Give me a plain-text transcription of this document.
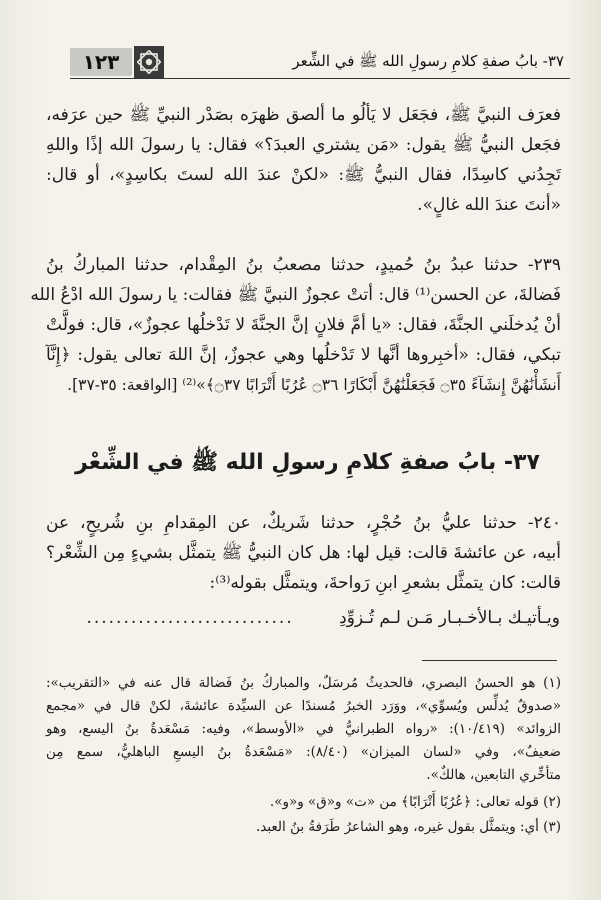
١٢٣	٣٧- بابُ صفةِ كلامِ رسولِ الله ﷺ في الشِّعر

فعرَف النبيَّ ﷺ، فجَعَل لا يَألُو ما ألصق ظهرَه بصَدْر النبيِّ ﷺ حين عرَفه،

فجَعل النبيُّ ﷺ يقول: «مَن يشتري العبدَ؟» فقال: يا رسولَ الله إذًا واللهِ

تَجِدُني كاسِدًا، فقال النبيُّ ﷺ: «لكنْ عندَ الله لستَ بكاسِدٍ»، أو قال:

«أنتَ عندَ الله غالٍ».

٢٣٩- حدثنا عبدُ بنُ حُميدٍ، حدثنا مصعبُ بنُ المِقْدام، حدثنا المباركُ بنُ

فَضالةَ، عن الحسن⁽¹⁾ قال: أتتْ عجوزٌ النبيَّ ﷺ فقالت: يا رسولَ الله ادْعُ الله

أنْ يُدخلَني الجنَّةَ، فقال: «يا أمَّ فلانٍ إنَّ الجنَّةَ لا تَدْخلُها عجوزٌ»، قال: فولَّتْ

تبكي، فقال: «أخبِروها أنَّها لا تَدْخلُها وهي عجوزٌ، إنَّ اللهَ تعالى يقول: ﴿إِنَّآ

أَنشَأْنَٰهُنَّ إِنشَآءً ۝٣٥ فَجَعَلْنَٰهُنَّ أَبْكَارًا ۝٣٦ عُرُبًا أَتْرَابًا ۝٣٧﴾»⁽²⁾ [الواقعة: ٣٥-٣٧].

٣٧- بابُ صفةِ كلامِ رسولِ الله ﷺ في الشِّعْر

٢٤٠- حدثنا عليُّ بنُ حُجْرٍ، حدثنا شَريكٌ، عن المِقدامِ بنِ شُريحٍ، عن

أبيه، عن عائشةَ قالت: قيل لها: هل كان النبيُّ ﷺ يتمثَّل بشيءٍ مِن الشِّعْر؟

قالت: كان يتمثَّل بشعرِ ابنِ رَواحةَ، ويتمثَّل بقوله⁽³⁾:

ويـأتيـك بـالأخـبـار مَـن لـم تُـزوِّدِ ............................

(١) هو الحسنُ البصري، فالحديثُ مُرسَلٌ، والمباركُ بنُ فَضالة قال عنه في «التقريب»:

«صدوقٌ يُدلِّس ويُسوِّي»، ووَرَد الخبرُ مُسندًا عن السيِّدة عائشةَ، لكنْ قال في «مجمع

الزوائد» (١٠/٤١٩): «رواه الطبرانيُّ في «الأوسط»، وفيه: مَسْعَدةُ بنُ اليسع، وهو

ضعيفٌ»، وفي «لسان الميزان» (٨/٤٠): «مَسْعَدةُ بنُ اليسعِ الباهليُّ، سمع مِن

متأخِّري التابعين، هالكٌ».

(٢) قوله تعالى: ﴿عُرُبًا أَتْرَابًا﴾ من «ت» و«ق» و«و».

(٣) أي: ويتمثَّل بقول غيره، وهو الشاعرُ طَرَفةُ بنُ العبد.
